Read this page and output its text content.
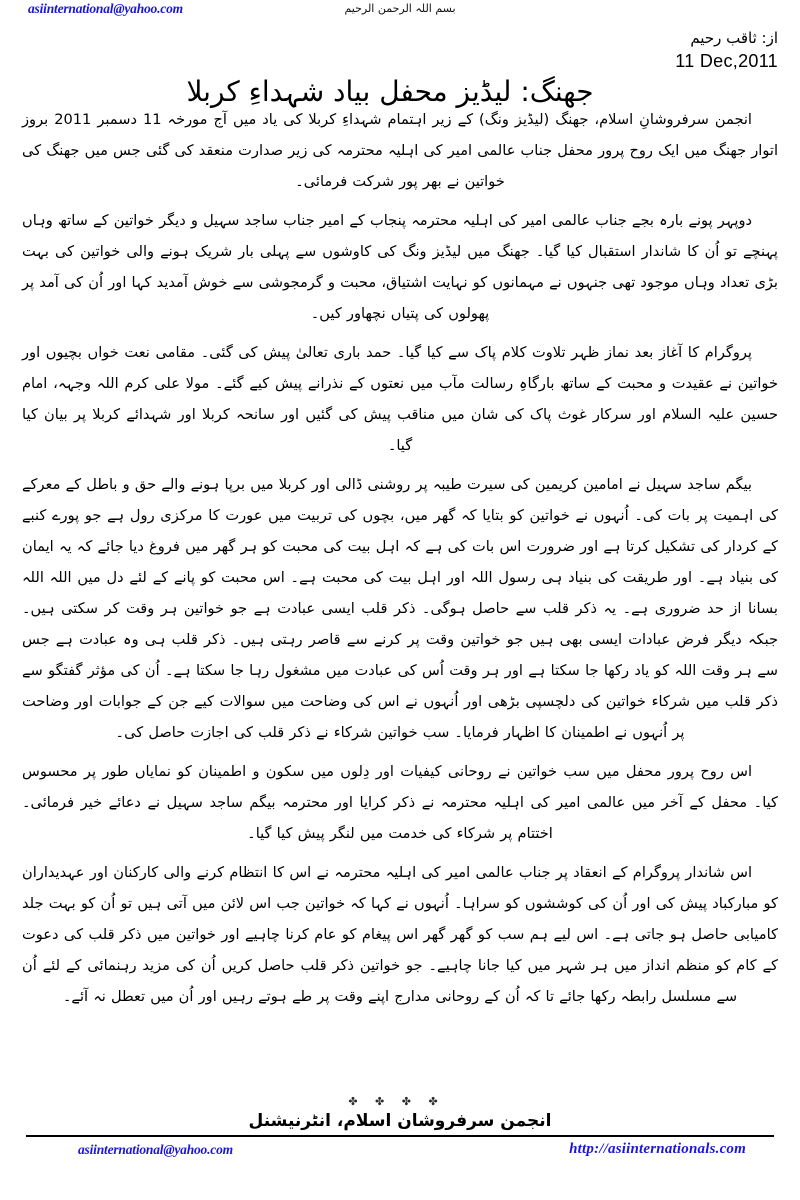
asiinternational@yahoo.com	بسم اللہ الرحمن الرحیم
از: ثاقب رحیم
11 Dec,2011
جھنگ: لیڈیز محفل بیاد شہداءِ کربلا

انجمن سرفروشانِ اسلام، جھنگ (لیڈیز ونگ) کے زیر اہتمام شہداءِ کربلا کی یاد میں آج مورخہ 11 دسمبر 2011 بروز اتوار جھنگ میں ایک روح پرور محفل جناب عالمی امیر کی اہلیہ محترمہ کی زیر صدارت منعقد کی گئی جس میں جھنگ کی خواتین نے بھر پور شرکت فرمائی۔

دوپہر پونے بارہ بجے جناب عالمی امیر کی اہلیہ محترمہ پنجاب کے امیر جناب ساجد سہیل و دیگر خواتین کے ساتھ وہاں پہنچے تو اُن کا شاندار استقبال کیا گیا۔ جھنگ میں لیڈیز ونگ کی کاوشوں سے پہلی بار شریک ہونے والی خواتین کی بہت بڑی تعداد وہاں موجود تھی جنہوں نے مہمانوں کو نہایت اشتیاق، محبت و گرمجوشی سے خوش آمدید کہا اور اُن کی آمد پر پھولوں کی پتیاں نچھاور کیں۔

پروگرام کا آغاز بعد نماز ظہر تلاوت کلام پاک سے کیا گیا۔ حمد باری تعالیٰ پیش کی گئی۔ مقامی نعت خواں بچیوں اور خواتین نے عقیدت و محبت کے ساتھ بارگاہِ رسالت مآب میں نعتوں کے نذرانے پیش کیے گئے۔ مولا علی کرم اللہ وجہہ، امام حسین علیہ السلام اور سرکار غوث پاک کی شان میں مناقب پیش کی گئیں اور سانحہ کربلا اور شہدائے کربلا پر بیان کیا گیا۔

بیگم ساجد سہیل نے امامین کریمین کی سیرت طیبہ پر روشنی ڈالی اور کربلا میں برپا ہونے والے حق و باطل کے معرکے کی اہمیت پر بات کی۔ اُنہوں نے خواتین کو بتایا کہ گھر میں، بچوں کی تربیت میں عورت کا مرکزی رول ہے جو پورے کنبے کے کردار کی تشکیل کرتا ہے اور ضرورت اس بات کی ہے کہ اہل بیت کی محبت کو ہر گھر میں فروغ دیا جائے کہ یہ ایمان کی بنیاد ہے۔ اور طریقت کی بنیاد ہی رسول اللہ اور اہل بیت کی محبت ہے۔ اس محبت کو پانے کے لئے دل میں اللہ اللہ بسانا از حد ضروری ہے۔ یہ ذکر قلب سے حاصل ہوگی۔ ذکر قلب ایسی عبادت ہے جو خواتین ہر وقت کر سکتی ہیں۔ جبکہ دیگر فرض عبادات ایسی بھی ہیں جو خواتین وقت پر کرنے سے قاصر رہتی ہیں۔ ذکر قلب ہی وہ عبادت ہے جس سے ہر وقت اللہ کو یاد رکھا جا سکتا ہے اور ہر وقت اُس کی عبادت میں مشغول رہا جا سکتا ہے۔ اُن کی مؤثر گفتگو سے ذکر قلب میں شرکاء خواتین کی دلچسپی بڑھی اور اُنہوں نے اس کی وضاحت میں سوالات کیے جن کے جوابات اور وضاحت پر اُنہوں نے اطمینان کا اظہار فرمایا۔ سب خواتین شرکاء نے ذکر قلب کی اجازت حاصل کی۔

اس روح پرور محفل میں سب خواتین نے روحانی کیفیات اور دِلوں میں سکون و اطمینان کو نمایاں طور پر محسوس کیا۔ محفل کے آخر میں عالمی امیر کی اہلیہ محترمہ نے ذکر کرایا اور محترمہ بیگم ساجد سہیل نے دعائے خیر فرمائی۔ اختتام پر شرکاء کی خدمت میں لنگر پیش کیا گیا۔

اس شاندار پروگرام کے انعقاد پر جناب عالمی امیر کی اہلیہ محترمہ نے اس کا انتظام کرنے والی کارکنان اور عہدیداران کو مبارکباد پیش کی اور اُن کی کوششوں کو سراہا۔ اُنہوں نے کہا کہ خواتین جب اس لائن میں آتی ہیں تو اُن کو بہت جلد کامیابی حاصل ہو جاتی ہے۔ اس لیے ہم سب کو گھر گھر اس پیغام کو عام کرنا چاہیے اور خواتین میں ذکر قلب کی دعوت کے کام کو منظم انداز میں ہر شہر میں کیا جانا چاہیے۔ جو خواتین ذکر قلب حاصل کریں اُن کی مزید رہنمائی کے لئے اُن سے مسلسل رابطہ رکھا جائے تا کہ اُن کے روحانی مدارج اپنے وقت پر طے ہوتے رہیں اور اُن میں تعطل نہ آئے۔

✤ ✤ ✤ ✤
انجمن سرفروشان اسلام، انٹرنیشنل
asiinternational@yahoo.com	http://asiinternationals.com
